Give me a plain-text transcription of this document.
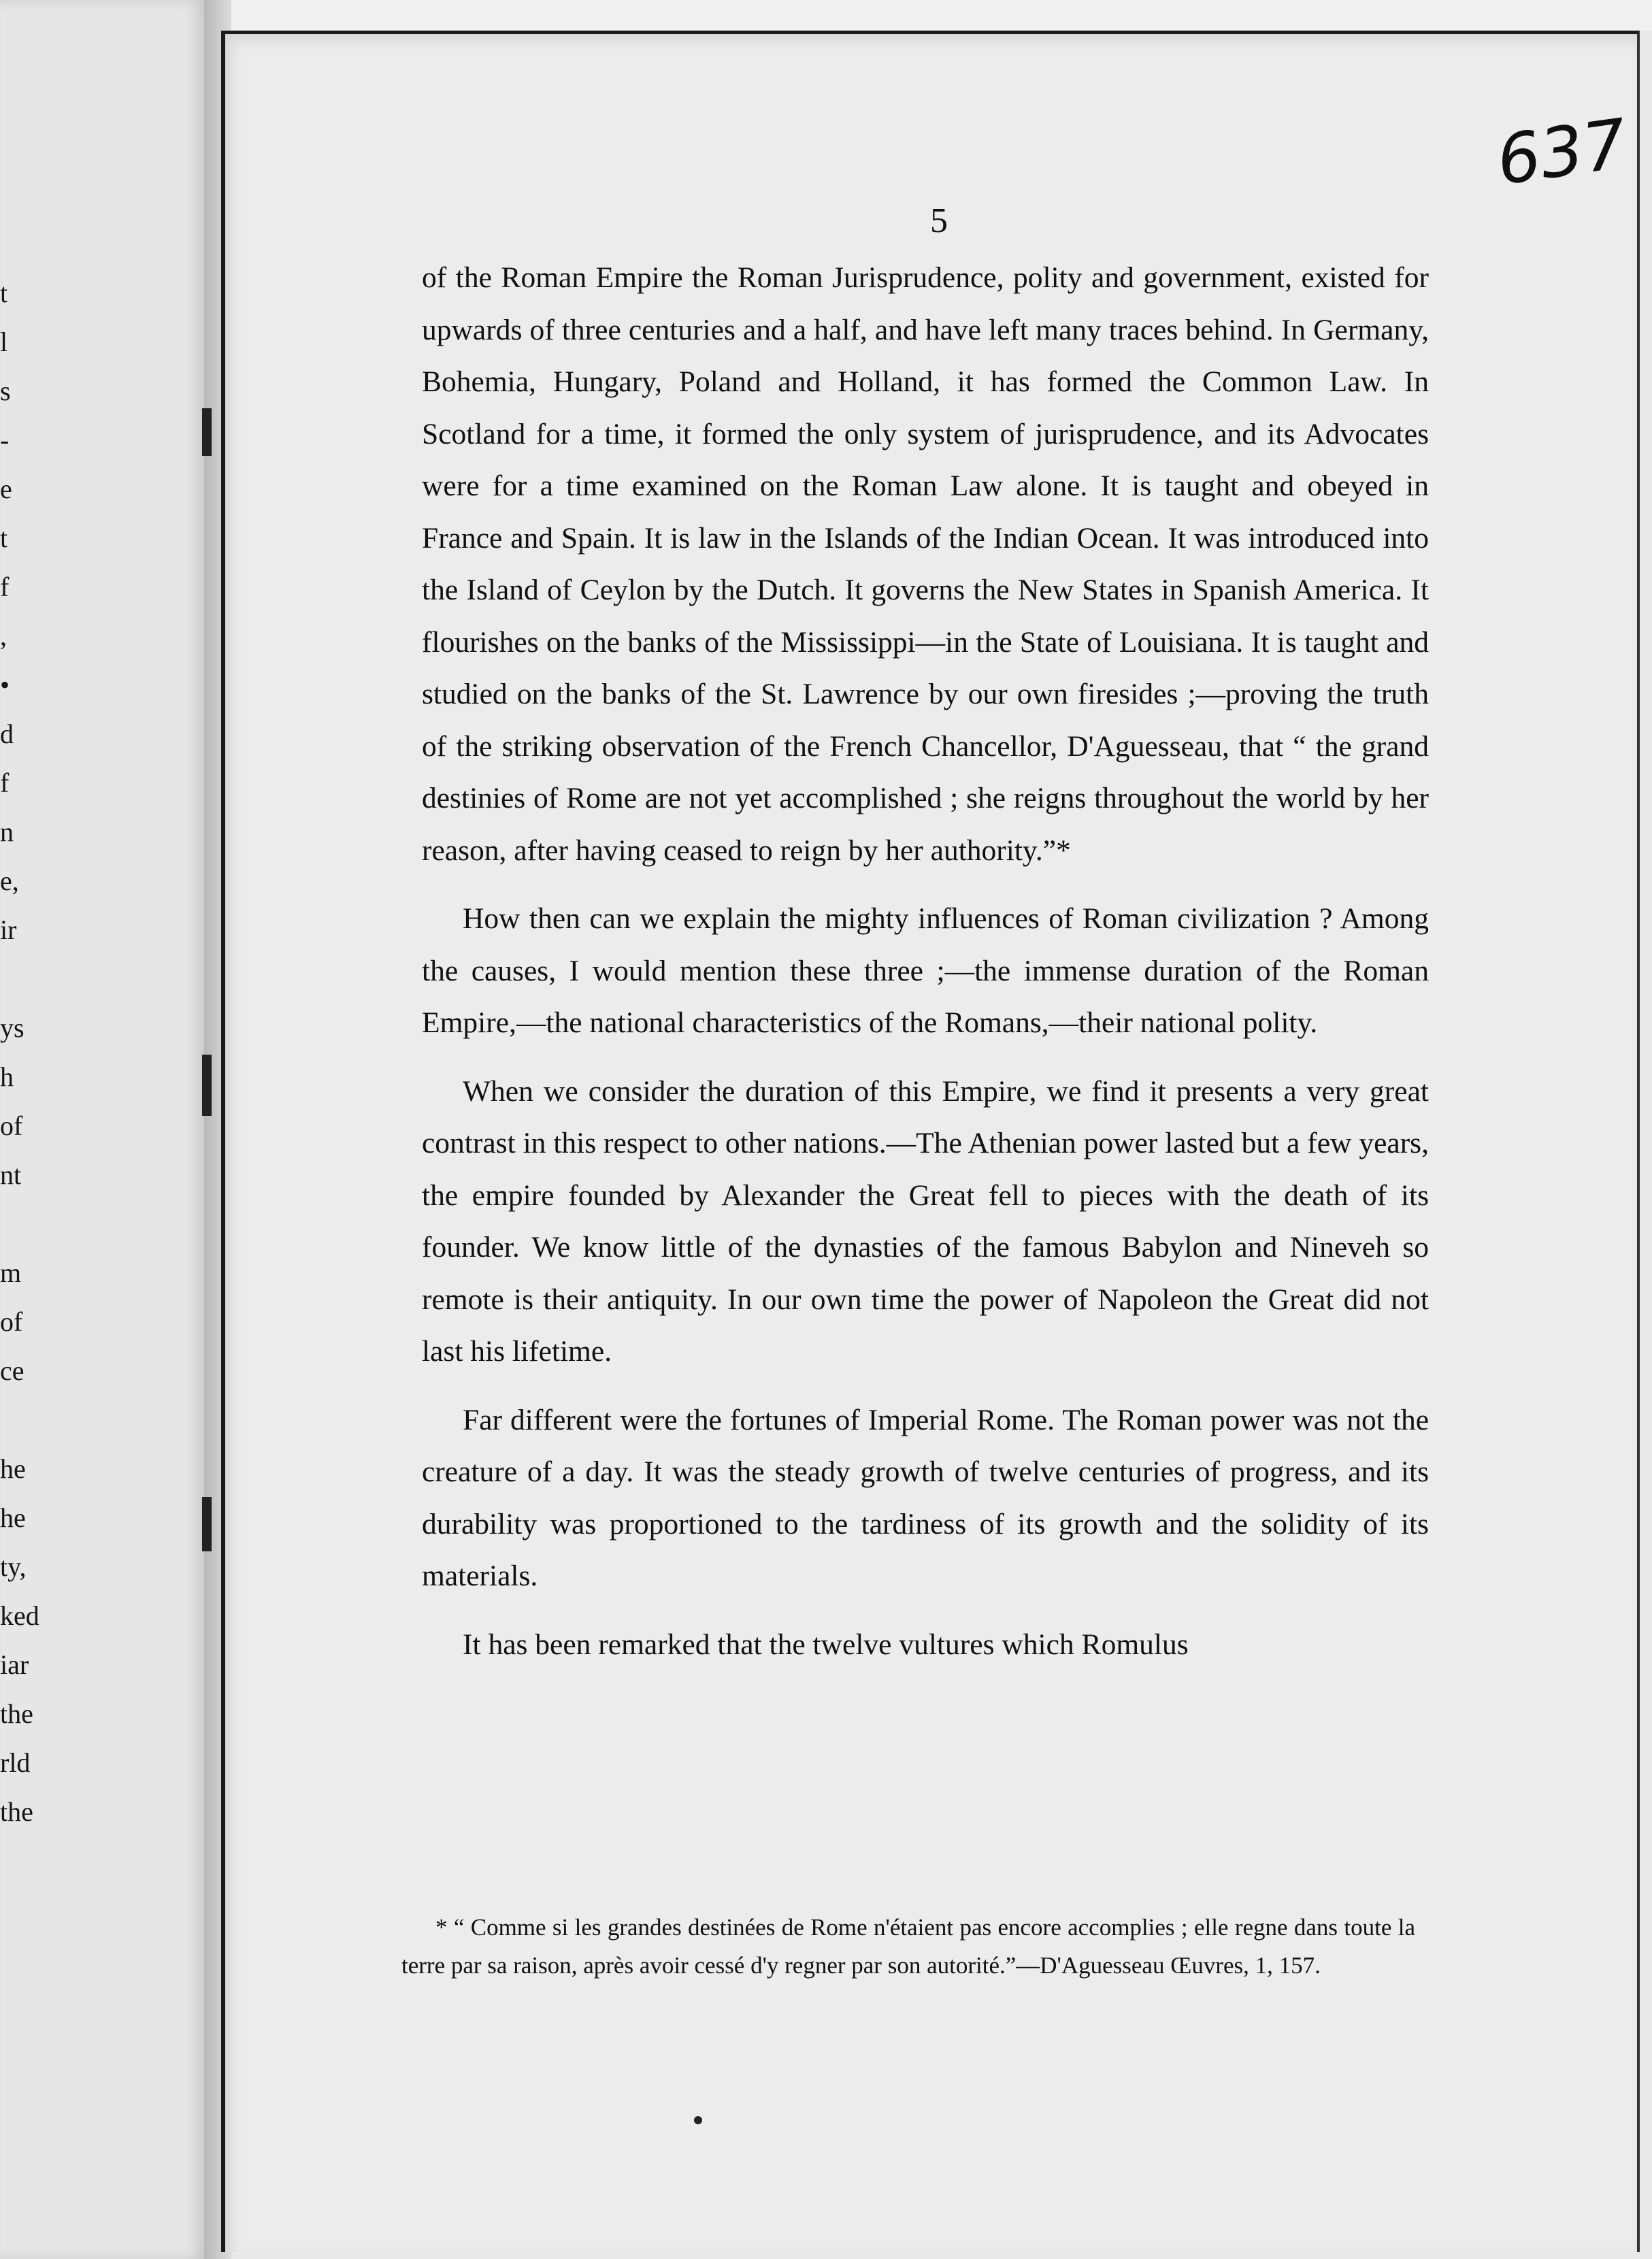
t
l
s
-
e
t
f
,
•
d
f
n
e,
ir
ys
h
of
nt
m
of
ce
he
he
ty,
ked
iar
the
rld
the
637
5

of the Roman Empire the Roman Jurisprudence, polity and government, existed for upwards of three centuries and a half, and have left many traces behind. In Germany, Bohemia, Hungary, Poland and Holland, it has formed the Common Law. In Scotland for a time, it formed the only system of jurisprudence, and its Advocates were for a time examined on the Roman Law alone. It is taught and obeyed in France and Spain. It is law in the Islands of the Indian Ocean. It was introduced into the Island of Ceylon by the Dutch. It governs the New States in Spanish America. It flourishes on the banks of the Mississippi—in the State of Louisiana. It is taught and studied on the banks of the St. Lawrence by our own firesides ;—proving the truth of the striking observation of the French Chancellor, D'Aguesseau, that “ the grand destinies of Rome are not yet accomplished ; she reigns throughout the world by her reason, after having ceased to reign by her authority.”*

How then can we explain the mighty influences of Roman civilization ? Among the causes, I would mention these three ;—the immense duration of the Roman Empire,—the national characteristics of the Romans,—their national polity.

When we consider the duration of this Empire, we find it presents a very great contrast in this respect to other nations.—The Athenian power lasted but a few years, the empire founded by Alexander the Great fell to pieces with the death of its founder. We know little of the dynasties of the famous Babylon and Nineveh so remote is their antiquity. In our own time the power of Napoleon the Great did not last his lifetime.

Far different were the fortunes of Imperial Rome. The Roman power was not the creature of a day. It was the steady growth of twelve centuries of progress, and its durability was proportioned to the tardiness of its growth and the solidity of its materials.

It has been remarked that the twelve vultures which Romulus

* “ Comme si les grandes destinées de Rome n'étaient pas encore accomplies ; elle regne dans toute la terre par sa raison, après avoir cessé d'y regner par son autorité.”—D'Aguesseau Œuvres, 1, 157.
